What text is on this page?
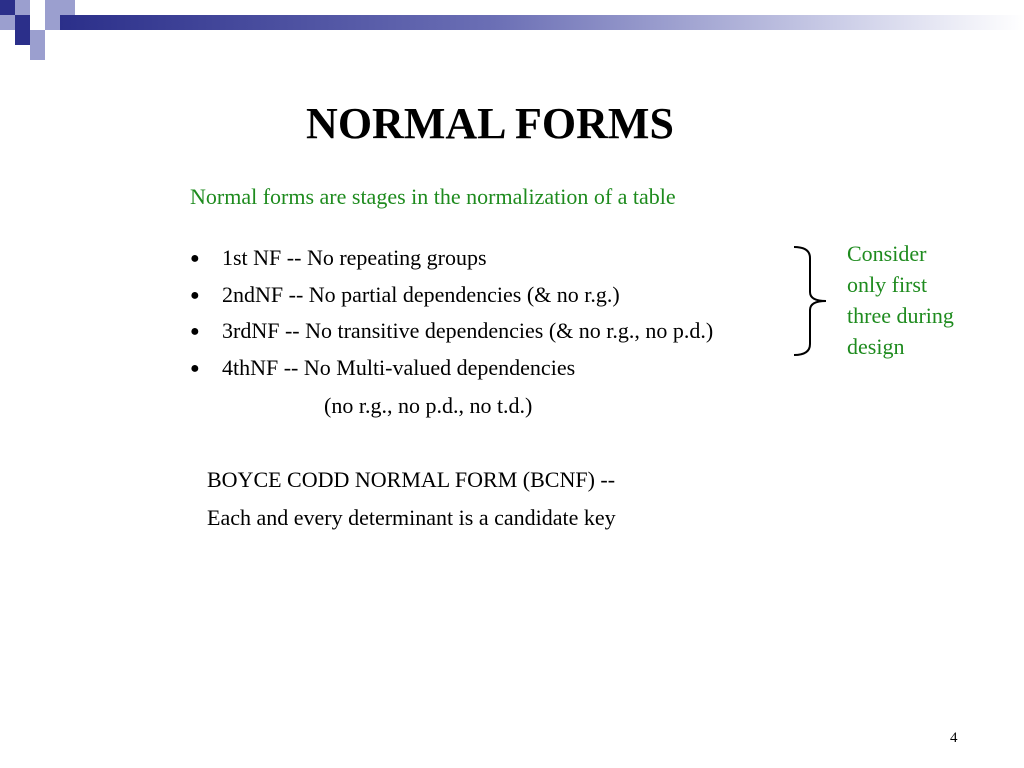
NORMAL FORMS
Normal forms are stages in the normalization of a table
● 1st NF -- No repeating groups
● 2ndNF -- No partial dependencies (& no r.g.)
● 3rdNF -- No transitive dependencies (& no r.g., no p.d.)
● 4thNF -- No Multi-valued dependencies
(no r.g., no p.d., no t.d.)
Consider
only first
three during
design
BOYCE CODD NORMAL FORM (BCNF) --
Each and every determinant is a candidate key
4
